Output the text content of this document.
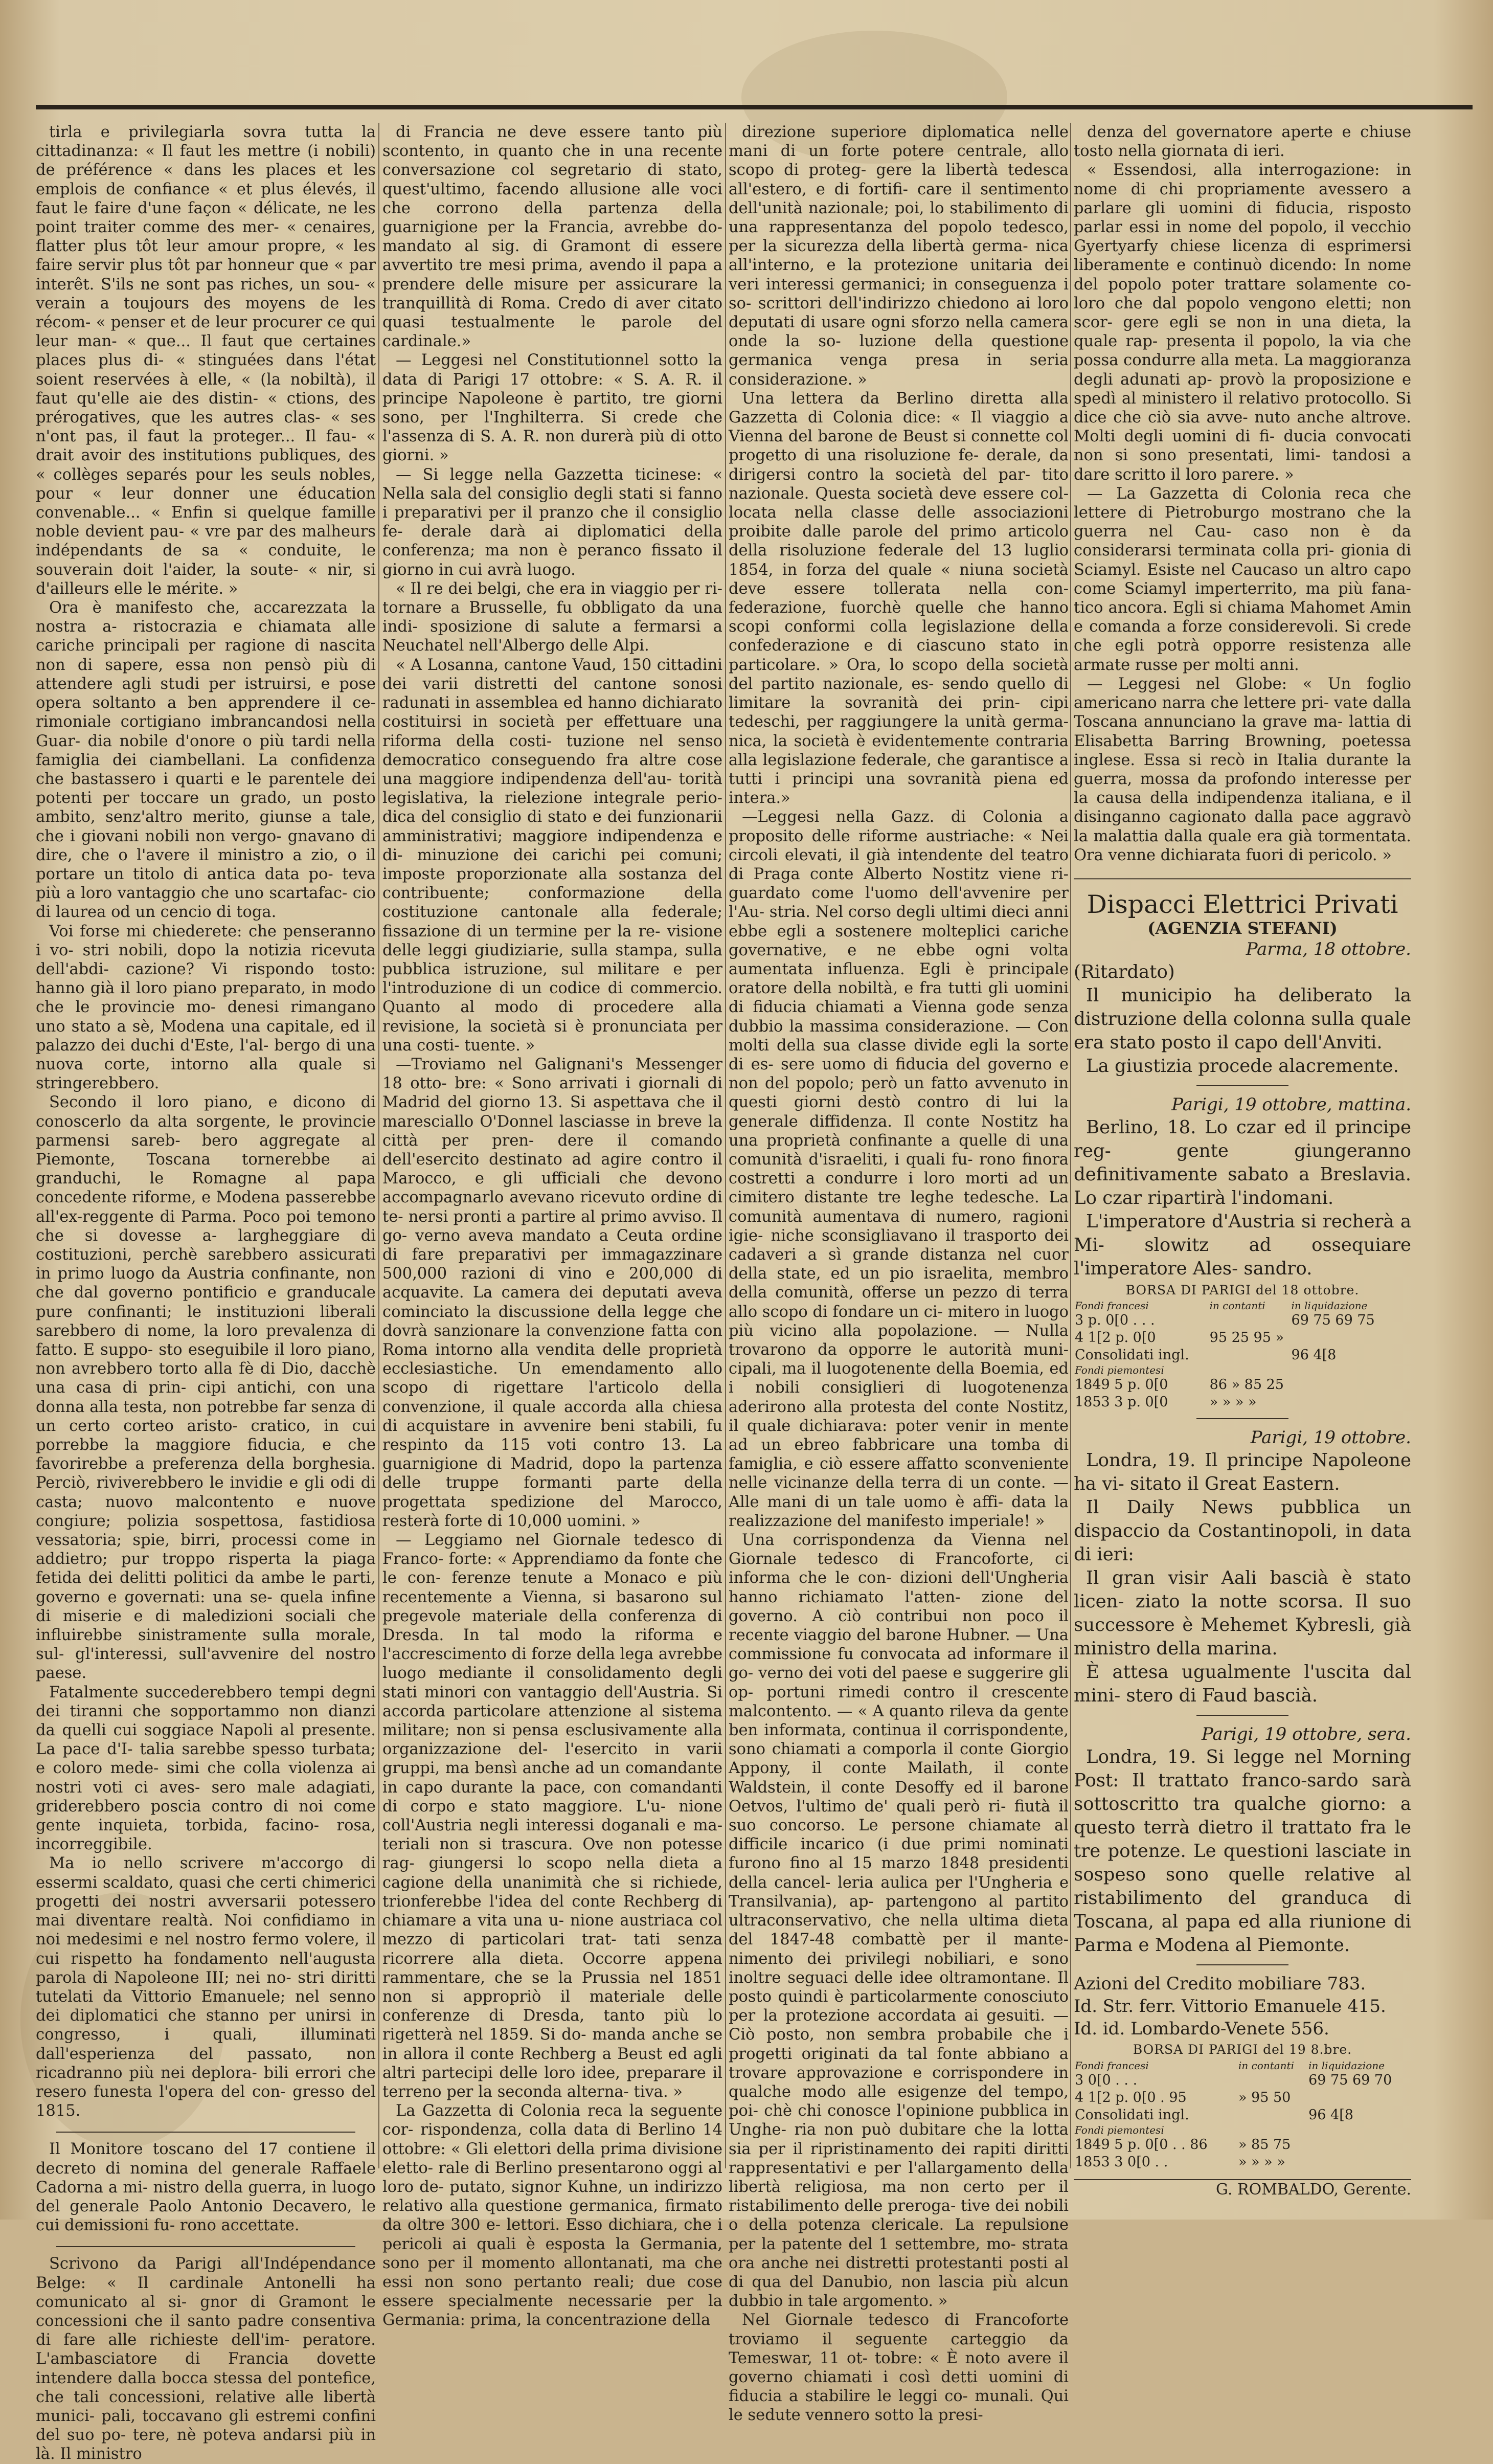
tirla e privilegiarla sovra tutta la cittadinanza: « Il faut les mettre (i nobili) de préférence « dans les places et les emplois de confiance « et plus élevés, il faut le faire d'une façon « délicate, ne les point traiter comme des mer- « cenaires, flatter plus tôt leur amour propre, « les faire servir plus tôt par honneur que « par interêt. S'ils ne sont pas riches, un sou- « verain a toujours des moyens de les récom- « penser et de leur procurer ce qui leur man- « que... Il faut que certaines places plus di- « stinguées dans l'état soient reservées à elle, « (la nobiltà), il faut qu'elle aie des distin- « ctions, des prérogatives, que les autres clas- « ses n'ont pas, il faut la proteger... Il fau- « drait avoir des institutions publiques, des « collèges separés pour les seuls nobles, pour « leur donner une éducation convenable... « Enfin si quelque famille noble devient pau- « vre par des malheurs indépendants de sa « conduite, le souverain doit l'aider, la soute- « nir, si d'ailleurs elle le mérite. »

Ora è manifesto che, accarezzata la nostra a- ristocrazia e chiamata alle cariche principali per ragione di nascita non di sapere, essa non pensò più di attendere agli studi per istruirsi, e pose opera soltanto a ben apprendere il ce- rimoniale cortigiano imbrancandosi nella Guar- dia nobile d'onore o più tardi nella famiglia dei ciambellani. La confidenza che bastassero i quarti e le parentele dei potenti per toccare un grado, un posto ambito, senz'altro merito, giunse a tale, che i giovani nobili non vergo- gnavano di dire, che o l'avere il ministro a zio, o il portare un titolo di antica data po- teva più a loro vantaggio che uno scartafac- cio di laurea od un cencio di toga.

Voi forse mi chiederete: che penseranno i vo- stri nobili, dopo la notizia ricevuta dell'abdi- cazione? Vi rispondo tosto: hanno già il loro piano preparato, in modo che le provincie mo- denesi rimangano uno stato a sè, Modena una capitale, ed il palazzo dei duchi d'Este, l'al- bergo di una nuova corte, intorno alla quale si stringerebbero.

Secondo il loro piano, e dicono di conoscerlo da alta sorgente, le provincie parmensi sareb- bero aggregate al Piemonte, Toscana tornerebbe ai granduchi, le Romagne al papa concedente riforme, e Modena passerebbe all'ex-reggente di Parma. Poco poi temono che si dovesse a- largheggiare di costituzioni, perchè sarebbero assicurati in primo luogo da Austria confinante, non che dal governo pontificio e granducale pure confinanti; le instituzioni liberali sarebbero di nome, la loro prevalenza di fatto. E suppo- sto eseguibile il loro piano, non avrebbero torto alla fè di Dio, dacchè una casa di prin- cipi antichi, con una donna alla testa, non potrebbe far senza di un certo corteo aristo- cratico, in cui porrebbe la maggiore fiducia, e che favorirebbe a preferenza della borghesia. Perciò, riviverebbero le invidie e gli odi di casta; nuovo malcontento e nuove congiure; polizia sospettosa, fastidiosa vessatoria; spie, birri, processi come in addietro; pur troppo risperta la piaga fetida dei delitti politici da ambe le parti, governo e governati: una se- quela infine di miserie e di maledizioni sociali che influirebbe sinistramente sulla morale, sul- gl'interessi, sull'avvenire del nostro paese.

Fatalmente succederebbero tempi degni dei tiranni che sopportammo non dianzi da quelli cui soggiace Napoli al presente. La pace d'I- talia sarebbe spesso turbata; e coloro mede- simi che colla violenza ai nostri voti ci aves- sero male adagiati, griderebbero poscia contro di noi come gente inquieta, torbida, facino- rosa, incorreggibile.

Ma io nello scrivere m'accorgo di essermi scaldato, quasi che certi chimerici progetti dei nostri avversarii potessero mai diventare realtà. Noi confidiamo in noi medesimi e nel nostro fermo volere, il cui rispetto ha fondamento nell'augusta parola di Napoleone III; nei no- stri diritti tutelati da Vittorio Emanuele; nel senno dei diplomatici che stanno per unirsi in congresso, i quali, illuminati dall'esperienza del passato, non ricadranno più nei deplora- bili errori che resero funesta l'opera del con- gresso del 1815.

Il Monitore toscano del 17 contiene il decreto di nomina del generale Raffaele Cadorna a mi- nistro della guerra, in luogo del generale Paolo Antonio Decavero, le cui demissioni fu- rono accettate.

Scrivono da Parigi all'Indépendance Belge: « Il cardinale Antonelli ha comunicato al si- gnor di Gramont le concessioni che il santo padre consentiva di fare alle richieste dell'im- peratore. L'ambasciatore di Francia dovette intendere dalla bocca stessa del pontefice, che tali concessioni, relative alle libertà munici- pali, toccavano gli estremi confini del suo po- tere, nè poteva andarsi più in là. Il ministro

di Francia ne deve essere tanto più scontento, in quanto che in una recente conversazione col segretario di stato, quest'ultimo, facendo allusione alle voci che corrono della partenza della guarnigione per la Francia, avrebbe do- mandato al sig. di Gramont di essere avvertito tre mesi prima, avendo il papa a prendere delle misure per assicurare la tranquillità di Roma. Credo di aver citato quasi testualmente le parole del cardinale.»

— Leggesi nel Constitutionnel sotto la data di Parigi 17 ottobre: « S. A. R. il principe Napoleone è partito, tre giorni sono, per l'Inghilterra. Si crede che l'assenza di S. A. R. non durerà più di otto giorni. »

— Si legge nella Gazzetta ticinese: « Nella sala del consiglio degli stati si fanno i preparativi per il pranzo che il consiglio fe- derale darà ai diplomatici della conferenza; ma non è peranco fissato il giorno in cui avrà luogo.

« Il re dei belgi, che era in viaggio per ri- tornare a Brusselle, fu obbligato da una indi- sposizione di salute a fermarsi a Neuchatel nell'Albergo delle Alpi.

« A Losanna, cantone Vaud, 150 cittadini dei varii distretti del cantone sonosi radunati in assemblea ed hanno dichiarato costituirsi in società per effettuare una riforma della costi- tuzione nel senso democratico conseguendo fra altre cose una maggiore indipendenza dell'au- torità legislativa, la rielezione integrale perio- dica del consiglio di stato e dei funzionarii amministrativi; maggiore indipendenza e di- minuzione dei carichi pei comuni; imposte proporzionate alla sostanza del contribuente; conformazione della costituzione cantonale alla federale; fissazione di un termine per la re- visione delle leggi giudiziarie, sulla stampa, sulla pubblica istruzione, sul militare e per l'introduzione di un codice di commercio. Quanto al modo di procedere alla revisione, la società si è pronunciata per una costi- tuente. »

—Troviamo nel Galignani's Messenger 18 otto- bre: « Sono arrivati i giornali di Madrid del giorno 13. Si aspettava che il maresciallo O'Donnel lasciasse in breve la città per pren- dere il comando dell'esercito destinato ad agire contro il Marocco, e gli ufficiali che devono accompagnarlo avevano ricevuto ordine di te- nersi pronti a partire al primo avviso. Il go- verno aveva mandato a Ceuta ordine di fare preparativi per immagazzinare 500,000 razioni di vino e 200,000 di acquavite. La camera dei deputati aveva cominciato la discussione della legge che dovrà sanzionare la convenzione fatta con Roma intorno alla vendita delle proprietà ecclesiastiche. Un emendamento allo scopo di rigettare l'articolo della convenzione, il quale accorda alla chiesa di acquistare in avvenire beni stabili, fu respinto da 115 voti contro 13. La guarnigione di Madrid, dopo la partenza delle truppe formanti parte della progettata spedizione del Marocco, resterà forte di 10,000 uomini. »

— Leggiamo nel Giornale tedesco di Franco- forte: « Apprendiamo da fonte che le con- ferenze tenute a Monaco e più recentemente a Vienna, si basarono sul pregevole materiale della conferenza di Dresda. In tal modo la riforma e l'accrescimento di forze della lega avrebbe luogo mediante il consolidamento degli stati minori con vantaggio dell'Austria. Si accorda particolare attenzione al sistema militare; non si pensa esclusivamente alla organizzazione del- l'esercito in varii gruppi, ma bensì anche ad un comandante in capo durante la pace, con comandanti di corpo e stato maggiore. L'u- nione coll'Austria negli interessi doganali e ma- teriali non si trascura. Ove non potesse rag- giungersi lo scopo nella dieta a cagione della unanimità che si richiede, trionferebbe l'idea del conte Rechberg di chiamare a vita una u- nione austriaca col mezzo di particolari trat- tati senza ricorrere alla dieta. Occorre appena rammentare, che se la Prussia nel 1851 non si appropriò il materiale delle conferenze di Dresda, tanto più lo rigetterà nel 1859. Si do- manda anche se in allora il conte Rechberg a Beust ed agli altri partecipi delle loro idee, preparare il terreno per la seconda alterna- tiva. »

La Gazzetta di Colonia reca la seguente cor- rispondenza, colla data di Berlino 14 ottobre: « Gli elettori della prima divisione eletto- rale di Berlino presentarono oggi al loro de- putato, signor Kuhne, un indirizzo relativo alla questione germanica, firmato da oltre 300 e- lettori. Esso dichiara, che i pericoli ai quali è esposta la Germania, sono per il momento allontanati, ma che essi non sono pertanto reali; due cose essere specialmente necessarie per la Germania: prima, la concentrazione della

direzione superiore diplomatica nelle mani di un forte potere centrale, allo scopo di proteg- gere la libertà tedesca all'estero, e di fortifi- care il sentimento dell'unità nazionale; poi, lo stabilimento di una rappresentanza del popolo tedesco, per la sicurezza della libertà germa- nica all'interno, e la protezione unitaria dei veri interessi germanici; in conseguenza i so- scrittori dell'indirizzo chiedono ai loro deputati di usare ogni sforzo nella camera onde la so- luzione della questione germanica venga presa in seria considerazione. »

Una lettera da Berlino diretta alla Gazzetta di Colonia dice: « Il viaggio a Vienna del barone de Beust si connette col progetto di una risoluzione fe- derale, da dirigersi contro la società del par- tito nazionale. Questa società deve essere col- locata nella classe delle associazioni proibite dalle parole del primo articolo della risoluzione federale del 13 luglio 1854, in forza del quale « niuna società deve essere tollerata nella con- federazione, fuorchè quelle che hanno scopi conformi colla legislazione della confederazione e di ciascuno stato in particolare. » Ora, lo scopo della società del partito nazionale, es- sendo quello di limitare la sovranità dei prin- cipi tedeschi, per raggiungere la unità germa- nica, la società è evidentemente contraria alla legislazione federale, che garantisce a tutti i principi una sovranità piena ed intera.»

—Leggesi nella Gazz. di Colonia a proposito delle riforme austriache: « Nei circoli elevati, il già intendente del teatro di Praga conte Alberto Nostitz viene ri- guardato come l'uomo dell'avvenire per l'Au- stria. Nel corso degli ultimi dieci anni ebbe egli a sostenere molteplici cariche governative, e ne ebbe ogni volta aumentata influenza. Egli è principale oratore della nobiltà, e fra tutti gli uomini di fiducia chiamati a Vienna gode senza dubbio la massima considerazione. — Con molti della sua classe divide egli la sorte di es- sere uomo di fiducia del governo e non del popolo; però un fatto avvenuto in questi giorni destò contro di lui la generale diffidenza. Il conte Nostitz ha una proprietà confinante a quelle di una comunità d'israeliti, i quali fu- rono finora costretti a condurre i loro morti ad un cimitero distante tre leghe tedesche. La comunità aumentava di numero, ragioni igie- niche sconsigliavano il trasporto dei cadaveri a sì grande distanza nel cuor della state, ed un pio israelita, membro della comunità, offerse un pezzo di terra allo scopo di fondare un ci- mitero in luogo più vicino alla popolazione. — Nulla trovarono da opporre le autorità muni- cipali, ma il luogotenente della Boemia, ed i nobili consiglieri di luogotenenza aderirono alla protesta del conte Nostitz, il quale dichiarava: poter venir in mente ad un ebreo fabbricare una tomba di famiglia, e ciò essere affatto sconveniente nelle vicinanze della terra di un conte. — Alle mani di un tale uomo è affi- data la realizzazione del manifesto imperiale! »

Una corrispondenza da Vienna nel Giornale tedesco di Francoforte, ci informa che le con- dizioni dell'Ungheria hanno richiamato l'atten- zione del governo. A ciò contribui non poco il recente viaggio del barone Hubner. — Una commissione fu convocata ad informare il go- verno dei voti del paese e suggerire gli op- portuni rimedi contro il crescente malcontento. — « A quanto rileva da gente ben informata, continua il corrispondente, sono chiamati a comporla il conte Giorgio Appony, il conte Mailath, il conte Waldstein, il conte Desoffy ed il barone Oetvos, l'ultimo de' quali però ri- fiutà il suo concorso. Le persone chiamate al difficile incarico (i due primi nominati furono fino al 15 marzo 1848 presidenti della cancel- leria aulica per l'Ungheria e Transilvania), ap- partengono al partito ultraconservativo, che nella ultima dieta del 1847-48 combattè per il mante- nimento dei privilegi nobiliari, e sono inoltre seguaci delle idee oltramontane. Il posto quindi è particolarmente conosciuto per la protezione accordata ai gesuiti. — Ciò posto, non sembra probabile che i progetti originati da tal fonte abbiano a trovare approvazione e corrispondere in qualche modo alle esigenze del tempo, poi- chè chi conosce l'opinione pubblica in Unghe- ria non può dubitare che la lotta sia per il ripristinamento dei rapiti diritti rappresentativi e per l'allargamento della libertà religiosa, ma non certo per il ristabilimento delle preroga- tive dei nobili o della potenza clericale. La repulsione per la patente del 1 settembre, mo- strata ora anche nei distretti protestanti posti al di qua del Danubio, non lascia più alcun dubbio in tale argomento. »

Nel Giornale tedesco di Francoforte troviamo il seguente carteggio da Temeswar, 11 ot- tobre: « È noto avere il governo chiamati i così detti uomini di fiducia a stabilire le leggi co- munali. Qui le sedute vennero sotto la presi-

denza del governatore aperte e chiuse tosto nella giornata di ieri.

« Essendosi, alla interrogazione: in nome di chi propriamente avessero a parlare gli uomini di fiducia, risposto parlar essi in nome del popolo, il vecchio Gyertyarfy chiese licenza di esprimersi liberamente e continuò dicendo: In nome del popolo poter trattare solamente co- loro che dal popolo vengono eletti; non scor- gere egli se non in una dieta, la quale rap- presenta il popolo, la via che possa condurre alla meta. La maggioranza degli adunati ap- provò la proposizione e spedì al ministero il relativo protocollo. Si dice che ciò sia avve- nuto anche altrove. Molti degli uomini di fi- ducia convocati non si sono presentati, limi- tandosi a dare scritto il loro parere. »

— La Gazzetta di Colonia reca che lettere di Pietroburgo mostrano che la guerra nel Cau- caso non è da considerarsi terminata colla pri- gionia di Sciamyl. Esiste nel Caucaso un altro capo come Sciamyl imperterrito, ma più fana- tico ancora. Egli si chiama Mahomet Amin e comanda a forze considerevoli. Si crede che egli potrà opporre resistenza alle armate russe per molti anni.

— Leggesi nel Globe: « Un foglio americano narra che lettere pri- vate dalla Toscana annunciano la grave ma- lattia di Elisabetta Barring Browning, poetessa inglese. Essa si recò in Italia durante la guerra, mossa da profondo interesse per la causa della indipendenza italiana, e il disinganno cagionato dalla pace aggravò la malattia dalla quale era già tormentata. Ora venne dichiarata fuori di pericolo. »

Dispacci Elettrici Privati

(AGENZIA STEFANI)

Parma, 18 ottobre.

(Ritardato)

Il municipio ha deliberato la distruzione della colonna sulla quale era stato posto il capo dell'Anviti.

La giustizia procede alacremente.

Parigi, 19 ottobre, mattina.

Berlino, 18. Lo czar ed il principe reg- gente giungeranno definitivamente sabato a Breslavia. Lo czar ripartirà l'indomani.

L'imperatore d'Austria si recherà a Mi- slowitz ad ossequiare l'imperatore Ales- sandro.

BORSA DI PARIGI del 18 ottobre.

Fondi francesi	in contanti	in liquidazione
3 p. 0[0 . . .		69 75 69 75
4 1[2 p. 0[0	95 25 95 »	
Consolidati ingl.		96 4[8
Fondi piemontesi		
1849 5 p. 0[0	86 » 85 25	
1853 3 p. 0[0	» » » »	

Parigi, 19 ottobre.

Londra, 19. Il principe Napoleone ha vi- sitato il Great Eastern.

Il Daily News pubblica un dispaccio da Costantinopoli, in data di ieri:

Il gran visir Aali bascià è stato licen- ziato la notte scorsa. Il suo successore è Mehemet Kybresli, già ministro della marina.

È attesa ugualmente l'uscita dal mini- stero di Faud bascià.

Parigi, 19 ottobre, sera.

Londra, 19. Si legge nel Morning Post: Il trattato franco-sardo sarà sottoscritto tra qualche giorno: a questo terrà dietro il trattato fra le tre potenze. Le questioni lasciate in sospeso sono quelle relative al ristabilimento del granduca di Toscana, al papa ed alla riunione di Parma e Modena al Piemonte.

Azioni del Credito mobiliare 783.

Id. Str. ferr. Vittorio Emanuele 415.

Id. id. Lombardo-Venete 556.

BORSA DI PARIGI del 19 8.bre.

Fondi francesi	in contanti	in liquidazione
3 0[0 . . .		69 75 69 70
4 1[2 p. 0[0 . 95	» 95 50	
Consolidati ingl.		96 4[8
Fondi piemontesi		
1849 5 p. 0[0 . . 86	» 85 75	
1853 3 0[0 . .	» » » »	

G. ROMBALDO, Gerente.
